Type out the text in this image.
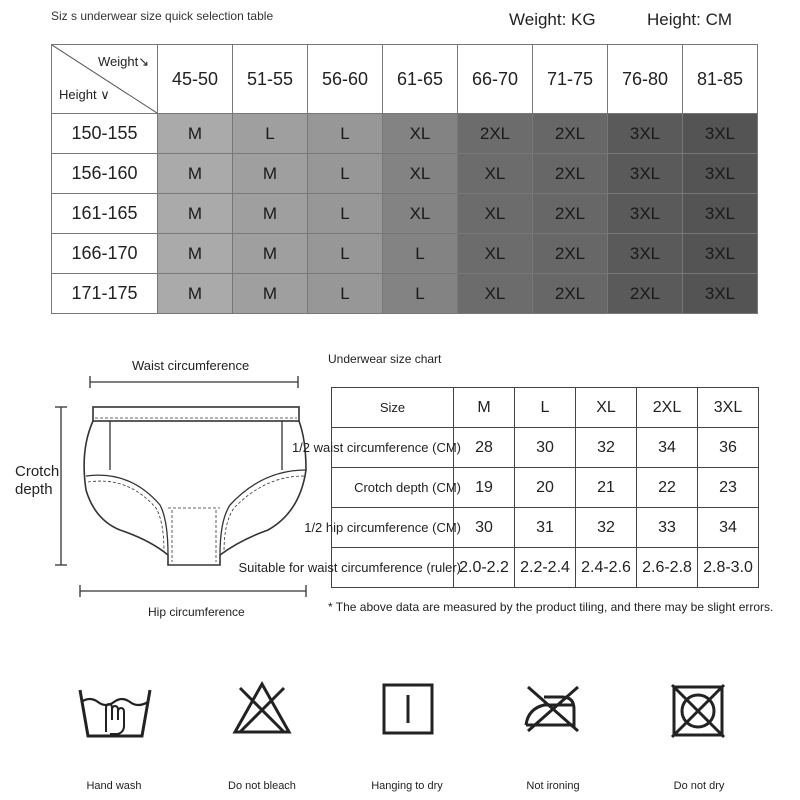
Siz s underwear size quick selection table	Weight: KG	Height: CM
Weight↘
Height ∨	45-50	51-55	56-60	61-65	66-70	71-75	76-80	81-85
150-155	M	L	L	XL	2XL	2XL	3XL	3XL
156-160	M	M	L	XL	XL	2XL	3XL	3XL
161-165	M	M	L	XL	XL	2XL	3XL	3XL
166-170	M	M	L	L	XL	2XL	3XL	3XL
171-175	M	M	L	L	XL	2XL	2XL	3XL
Waist circumference
Crotch
depth
Hip circumference
Underwear size chart
Size	M	L	XL	2XL	3XL

1/2 waist circumference (CM)	28	30	32	34	36

Crotch depth (CM)	19	20	21	22	23

1/2 hip circumference (CM)	30	31	32	33	34

Suitable for waist circumference (ruler)	2.0-2.2	2.2-2.4	2.4-2.6	2.6-2.8	2.8-3.0
* The above data are measured by the product tiling, and there may be slight errors.
Hand wash	Do not bleach	Hanging to dry	Not ironing	Do not dry
